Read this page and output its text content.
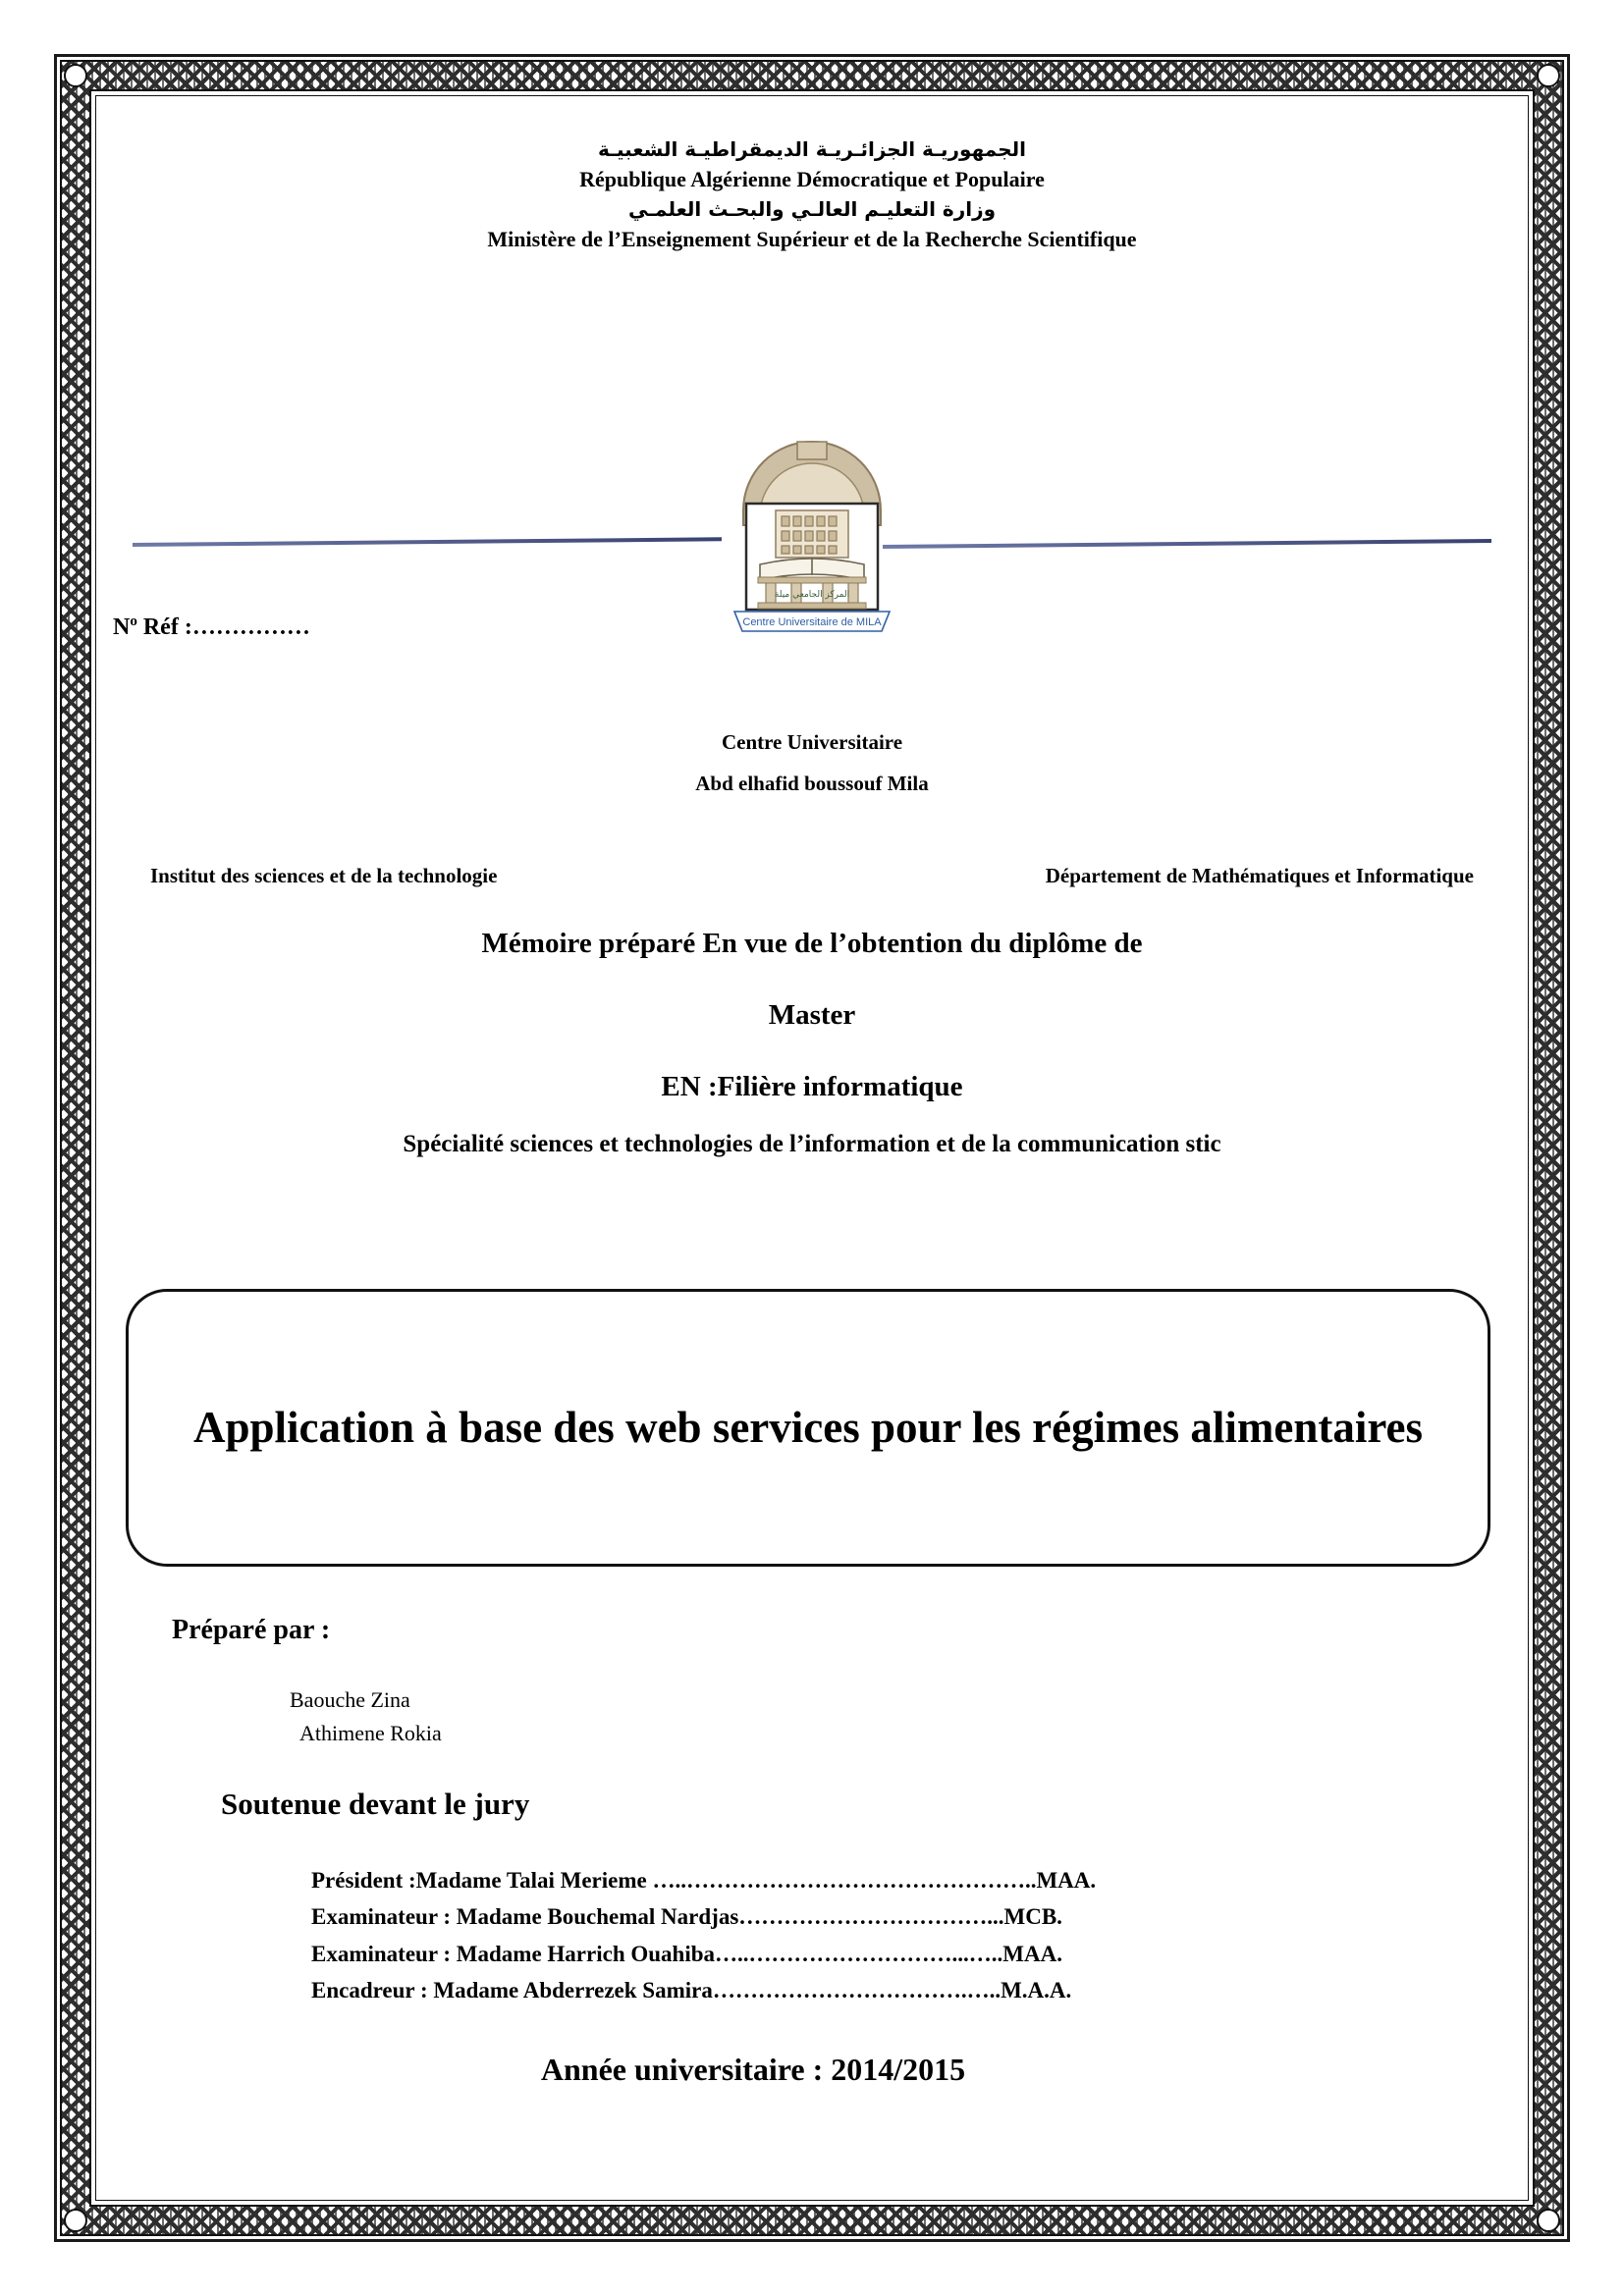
الجمهوريـة الجزائـريـة الديمقراطيـة الشعبيـة
République Algérienne Démocratique et Populaire
وزارة التعليـم العالـي والبحـث العلمـي
Ministère de l’Enseignement Supérieur et de la Recherche Scientifique
المركز الجامعي ميلة
Centre Universitaire de MILA
$N^o$ Réf :……………
Centre Universitaire
Abd elhafid boussouf Mila
Institut des sciences et de la technologie	Département de Mathématiques et Informatique
Mémoire préparé En vue de l’obtention du diplôme de
Master
EN :Filière informatique
Spécialité sciences et technologies de l’information et de la communication stic
Application à base des web services pour les régimes alimentaires
Préparé par :
Baouche Zina
Athimene Rokia
Soutenue devant le jury
Président :Madame Talai Merieme …..………………………………………..MAA.
Examinateur : Madame Bouchemal Nardjas……………………………...MCB.
Examinateur : Madame Harrich Ouahiba…..………………………...…..MAA.
Encadreur : Madame Abderrezek Samira…………………………….…..M.A.A.
Année universitaire : 2014/2015
